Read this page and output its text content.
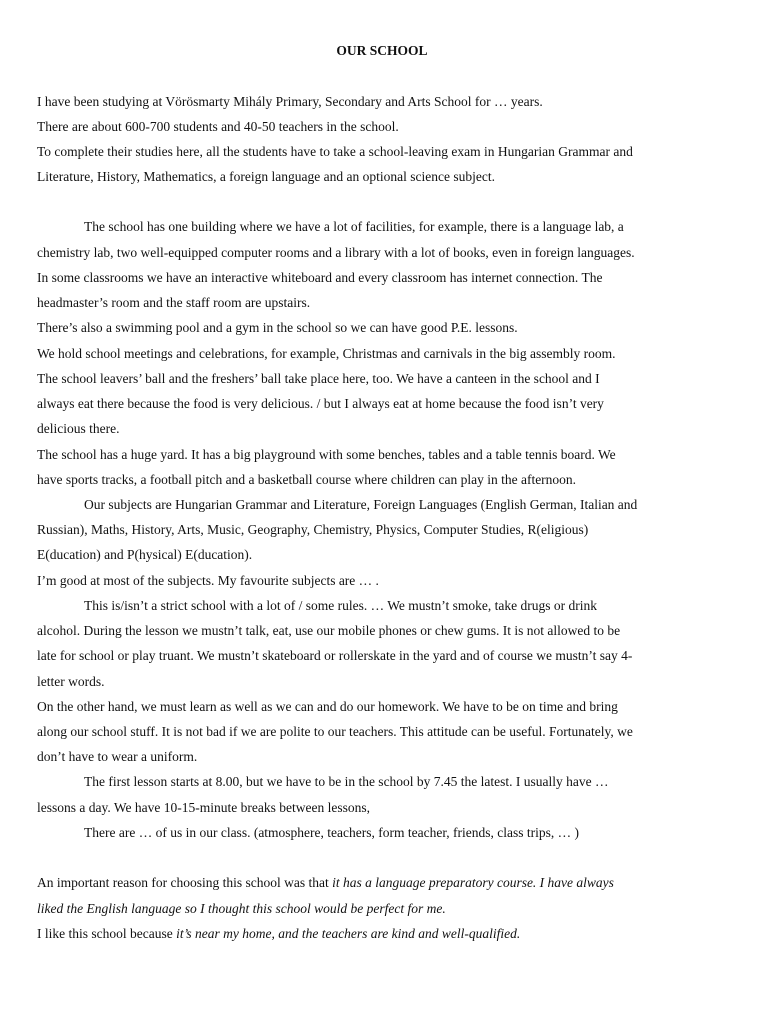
OUR SCHOOL
I have been studying at Vörösmarty Mihály Primary, Secondary and Arts School for … years.
There are about 600-700 students and 40-50 teachers in the school.
To complete their studies here, all the students have to take a school-leaving exam in Hungarian Grammar and
Literature, History, Mathematics, a foreign language and an optional science subject.
The school has one building where we have a lot of facilities, for example, there is a language lab, a
chemistry lab, two well-equipped computer rooms and a library with a lot of books, even in foreign languages.
In some classrooms we have an interactive whiteboard and every classroom has internet connection. The
headmaster’s room and the staff room are upstairs.
There’s also a swimming pool and a gym in the school so we can have good P.E. lessons.
We hold school meetings and celebrations, for example, Christmas and carnivals in the big assembly room.
The school leavers’ ball and the freshers’ ball take place here, too. We have a canteen in the school and I
always eat there because the food is very delicious. / but I always eat at home because the food isn’t very
delicious there.
The school has a huge yard. It has a big playground with some benches, tables and a table tennis board. We
have sports tracks, a football pitch and a basketball course where children can play in the afternoon.
Our subjects are Hungarian Grammar and Literature, Foreign Languages (English German, Italian and
Russian), Maths, History, Arts, Music, Geography, Chemistry, Physics, Computer Studies, R(eligious)
E(ducation) and P(hysical) E(ducation).
I’m good at most of the subjects. My favourite subjects are … .
This is/isn’t a strict school with a lot of / some rules. … We mustn’t smoke, take drugs or drink
alcohol. During the lesson we mustn’t talk, eat, use our mobile phones or chew gums. It is not allowed to be
late for school or play truant. We mustn’t skateboard or rollerskate in the yard and of course we mustn’t say 4-
letter words.
On the other hand, we must learn as well as we can and do our homework. We have to be on time and bring
along our school stuff. It is not bad if we are polite to our teachers. This attitude can be useful. Fortunately, we
don’t have to wear a uniform.
The first lesson starts at 8.00, but we have to be in the school by 7.45 the latest. I usually have …
lessons a day. We have 10-15-minute breaks between lessons,
There are … of us in our class. (atmosphere, teachers, form teacher, friends, class trips, … )
An important reason for choosing this school was that it has a language preparatory course. I have always
liked the English language so I thought this school would be perfect for me.
I like this school because it’s near my home, and the teachers are kind and well-qualified.
